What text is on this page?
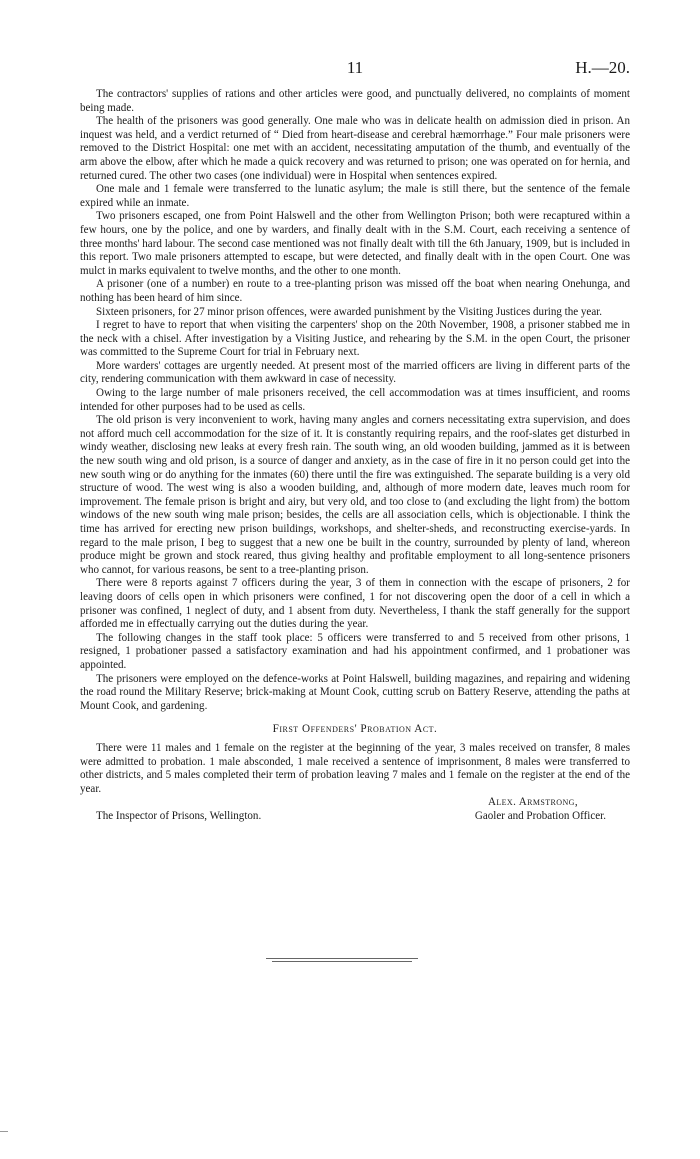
11	H.—20.

The contractors' supplies of rations and other articles were good, and punctually delivered, no complaints of moment being made.

The health of the prisoners was good generally. One male who was in delicate health on admission died in prison. An inquest was held, and a verdict returned of “ Died from heart-disease and cerebral hæmorrhage.” Four male prisoners were removed to the District Hospital: one met with an accident, necessitating amputation of the thumb, and eventually of the arm above the elbow, after which he made a quick recovery and was returned to prison; one was operated on for hernia, and returned cured. The other two cases (one individual) were in Hospital when sentences expired.

One male and 1 female were transferred to the lunatic asylum; the male is still there, but the sentence of the female expired while an inmate.

Two prisoners escaped, one from Point Halswell and the other from Wellington Prison; both were recaptured within a few hours, one by the police, and one by warders, and finally dealt with in the S.M. Court, each receiving a sentence of three months' hard labour. The second case mentioned was not finally dealt with till the 6th January, 1909, but is included in this report. Two male prisoners attempted to escape, but were detected, and finally dealt with in the open Court. One was mulct in marks equivalent to twelve months, and the other to one month.

A prisoner (one of a number) en route to a tree-planting prison was missed off the boat when nearing Onehunga, and nothing has been heard of him since.

Sixteen prisoners, for 27 minor prison offences, were awarded punishment by the Visiting Justices during the year.

I regret to have to report that when visiting the carpenters' shop on the 20th November, 1908, a prisoner stabbed me in the neck with a chisel. After investigation by a Visiting Justice, and rehearing by the S.M. in the open Court, the prisoner was committed to the Supreme Court for trial in February next.

More warders' cottages are urgently needed. At present most of the married officers are living in different parts of the city, rendering communication with them awkward in case of necessity.

Owing to the large number of male prisoners received, the cell accommodation was at times insufficient, and rooms intended for other purposes had to be used as cells.

The old prison is very inconvenient to work, having many angles and corners necessitating extra supervision, and does not afford much cell accommodation for the size of it. It is constantly requiring repairs, and the roof-slates get disturbed in windy weather, disclosing new leaks at every fresh rain. The south wing, an old wooden building, jammed as it is between the new south wing and old prison, is a source of danger and anxiety, as in the case of fire in it no person could get into the new south wing or do anything for the inmates (60) there until the fire was extinguished. The separate building is a very old structure of wood. The west wing is also a wooden building, and, although of more modern date, leaves much room for improvement. The female prison is bright and airy, but very old, and too close to (and excluding the light from) the bottom windows of the new south wing male prison; besides, the cells are all association cells, which is objectionable. I think the time has arrived for erecting new prison buildings, workshops, and shelter-sheds, and reconstructing exercise-yards. In regard to the male prison, I beg to suggest that a new one be built in the country, surrounded by plenty of land, whereon produce might be grown and stock reared, thus giving healthy and profitable employment to all long-sentence prisoners who cannot, for various reasons, be sent to a tree-planting prison.

There were 8 reports against 7 officers during the year, 3 of them in connection with the escape of prisoners, 2 for leaving doors of cells open in which prisoners were confined, 1 for not discovering open the door of a cell in which a prisoner was confined, 1 neglect of duty, and 1 absent from duty. Nevertheless, I thank the staff generally for the support afforded me in effectually carrying out the duties during the year.

The following changes in the staff took place: 5 officers were transferred to and 5 received from other prisons, 1 resigned, 1 probationer passed a satisfactory examination and had his appointment confirmed, and 1 probationer was appointed.

The prisoners were employed on the defence-works at Point Halswell, building magazines, and repairing and widening the road round the Military Reserve; brick-making at Mount Cook, cutting scrub on Battery Reserve, attending the paths at Mount Cook, and gardening.

First Offenders' Probation Act.

There were 11 males and 1 female on the register at the beginning of the year, 3 males received on transfer, 8 males were admitted to probation. 1 male absconded, 1 male received a sentence of imprisonment, 8 males were transferred to other districts, and 5 males completed their term of probation leaving 7 males and 1 female on the register at the end of the year.

Alex. Armstrong,
The Inspector of Prisons, Wellington.	Gaoler and Probation Officer.
